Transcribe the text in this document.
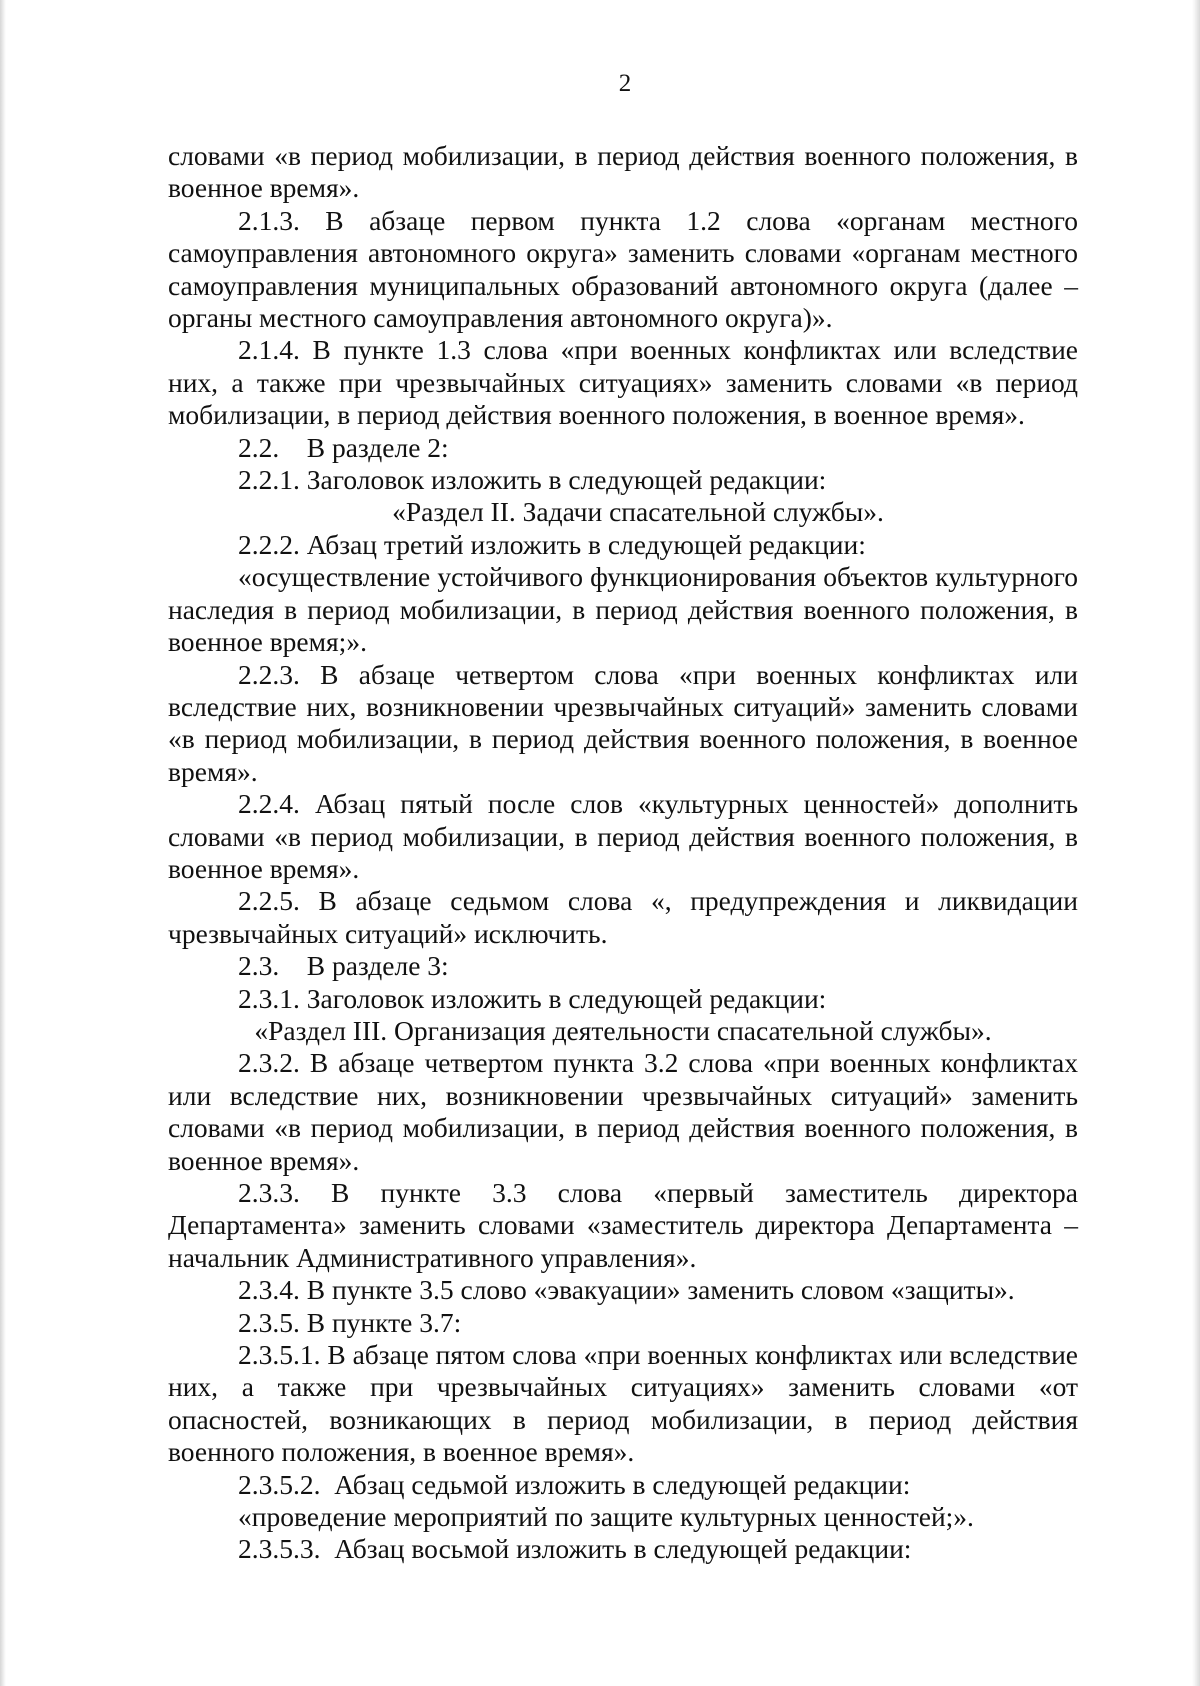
2

словами «в период мобилизации, в период действия военного положения, в военное время».

2.1.3. В абзаце первом пункта 1.2 слова «органам местного самоуправления автономного округа» заменить словами «органам местного самоуправления муниципальных образований автономного округа (далее – органы местного самоуправления автономного округа)».

2.1.4. В пункте 1.3 слова «при военных конфликтах или вследствие них, а также при чрезвычайных ситуациях» заменить словами «в период мобилизации, в период действия военного положения, в военное время».

2.2.    В разделе 2:

2.2.1. Заголовок изложить в следующей редакции:

«Раздел II. Задачи спасательной службы».

2.2.2. Абзац третий изложить в следующей редакции:

«осуществление устойчивого функционирования объектов культурного наследия в период мобилизации, в период действия военного положения, в военное время;».

2.2.3. В абзаце четвертом слова «при военных конфликтах или вследствие них, возникновении чрезвычайных ситуаций» заменить словами «в период мобилизации, в период действия военного положения, в военное время».

2.2.4. Абзац пятый после слов «культурных ценностей» дополнить словами «в период мобилизации, в период действия военного положения, в военное время».

2.2.5. В абзаце седьмом слова «, предупреждения и ликвидации чрезвычайных ситуаций» исключить.

2.3.    В разделе 3:

2.3.1. Заголовок изложить в следующей редакции:

«Раздел III. Организация деятельности спасательной службы».

2.3.2. В абзаце четвертом пункта 3.2 слова «при военных конфликтах или вследствие них, возникновении чрезвычайных ситуаций» заменить словами «в период мобилизации, в период действия военного положения, в военное время».

2.3.3. В пункте 3.3 слова «первый заместитель директора Департамента» заменить словами «заместитель директора Департамента – начальник Административного управления».

2.3.4. В пункте 3.5 слово «эвакуации» заменить словом «защиты».

2.3.5. В пункте 3.7:

2.3.5.1. В абзаце пятом слова «при военных конфликтах или вследствие них, а также при чрезвычайных ситуациях» заменить словами «от опасностей, возникающих в период мобилизации, в период действия военного положения, в военное время».

2.3.5.2.  Абзац седьмой изложить в следующей редакции:

«проведение мероприятий по защите культурных ценностей;».

2.3.5.3.  Абзац восьмой изложить в следующей редакции:
